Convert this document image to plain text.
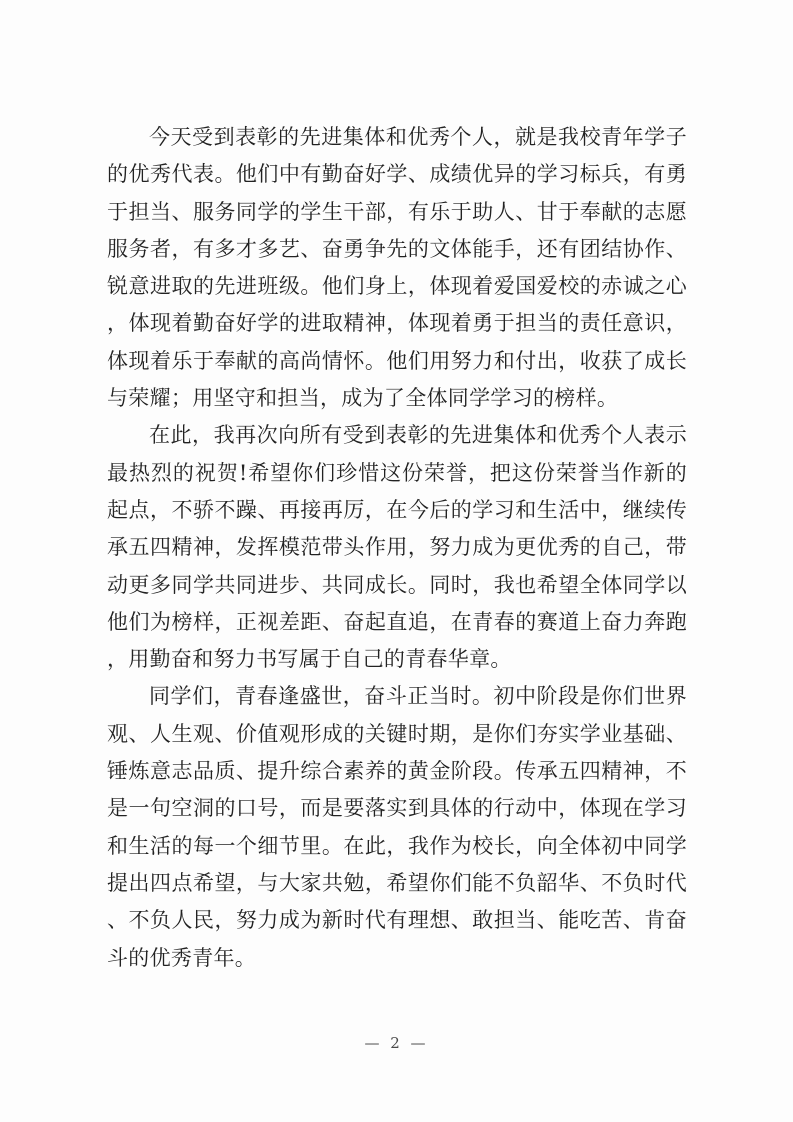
今天受到表彰的先进集体和优秀个人，就是我校青年学子的优秀代表。他们中有勤奋好学、成绩优异的学习标兵，有勇于担当、服务同学的学生干部，有乐于助人、甘于奉献的志愿服务者，有多才多艺、奋勇争先的文体能手，还有团结协作、锐意进取的先进班级。他们身上，体现着爱国爱校的赤诚之心，体现着勤奋好学的进取精神，体现着勇于担当的责任意识，体现着乐于奉献的高尚情怀。他们用努力和付出，收获了成长与荣耀；用坚守和担当，成为了全体同学学习的榜样。

在此，我再次向所有受到表彰的先进集体和优秀个人表示最热烈的祝贺!希望你们珍惜这份荣誉，把这份荣誉当作新的起点，不骄不躁、再接再厉，在今后的学习和生活中，继续传承五四精神，发挥模范带头作用，努力成为更优秀的自己，带动更多同学共同进步、共同成长。同时，我也希望全体同学以他们为榜样，正视差距、奋起直追，在青春的赛道上奋力奔跑，用勤奋和努力书写属于自己的青春华章。

同学们，青春逢盛世，奋斗正当时。初中阶段是你们世界观、人生观、价值观形成的关键时期，是你们夯实学业基础、锤炼意志品质、提升综合素养的黄金阶段。传承五四精神，不是一句空洞的口号，而是要落实到具体的行动中，体现在学习和生活的每一个细节里。在此，我作为校长，向全体初中同学提出四点希望，与大家共勉，希望你们能不负韶华、不负时代、不负人民，努力成为新时代有理想、敢担当、能吃苦、肯奋斗的优秀青年。

— 2 —
